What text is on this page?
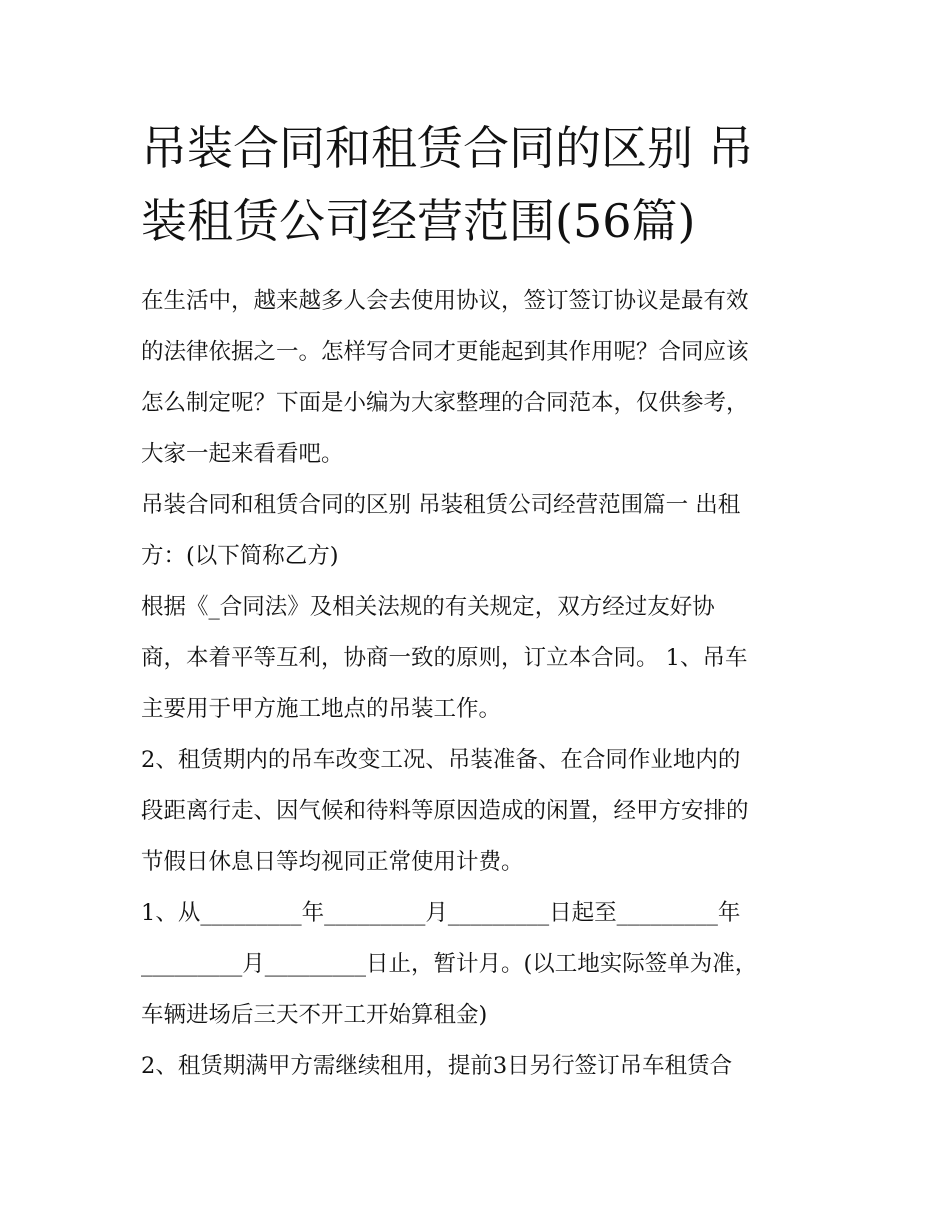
吊装合同和租赁合同的区别 吊
装租赁公司经营范围(56篇)

在生活中，越来越多人会去使用协议，签订签订协议是最有效
的法律依据之一。怎样写合同才更能起到其作用呢？合同应该
怎么制定呢？下面是小编为大家整理的合同范本，仅供参考，
大家一起来看看吧。

吊装合同和租赁合同的区别 吊装租赁公司经营范围篇一 出租
方：(以下简称乙方)

根据《_合同法》及相关法规的有关规定，双方经过友好协
商，本着平等互利，协商一致的原则，订立本合同。 1、吊车
主要用于甲方施工地点的吊装工作。

2、租赁期内的吊车改变工况、吊装准备、在合同作业地内的
段距离行走、因气候和待料等原因造成的闲置，经甲方安排的
节假日休息日等均视同正常使用计费。

1、从_________年_________月_________日起至_________年
_________月_________日止，暂计月。(以工地实际签单为准，
车辆进场后三天不开工开始算租金)

2、租赁期满甲方需继续租用，提前3日另行签订吊车租赁合
